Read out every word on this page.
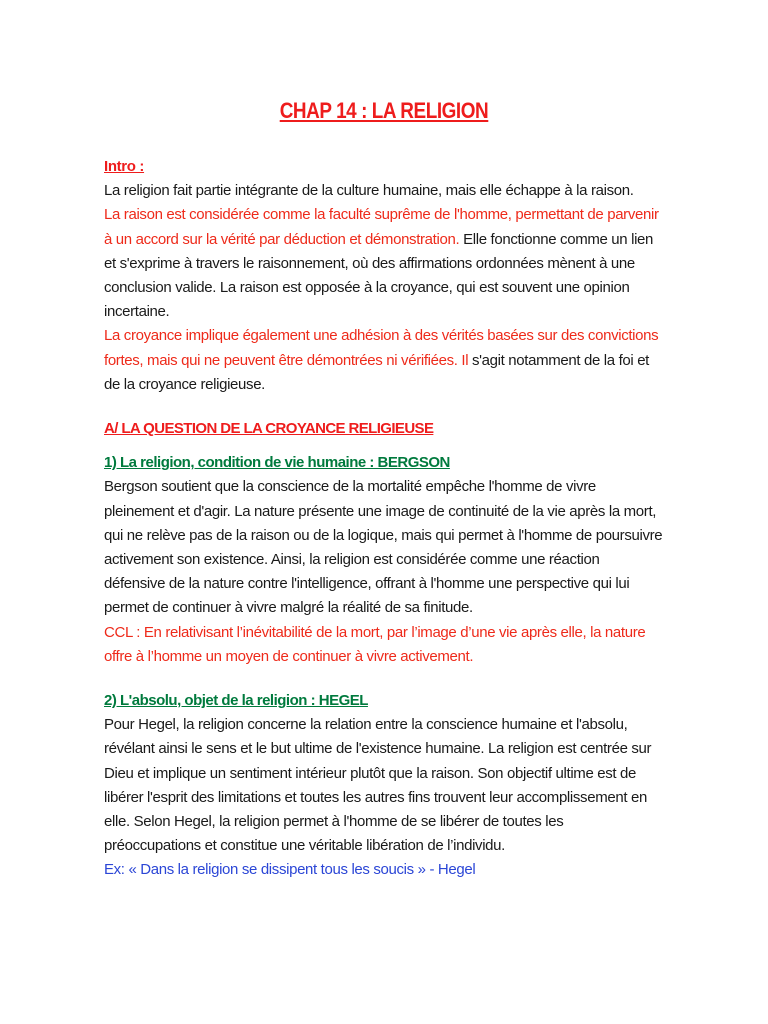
CHAP 14 : LA RELIGION

Intro :

La religion fait partie intégrante de la culture humaine, mais elle échappe à la raison.

La raison est considérée comme la faculté suprême de l'homme, permettant de parvenir à un accord sur la vérité par déduction et démonstration. Elle fonctionne comme un lien et s'exprime à travers le raisonnement, où des affirmations ordonnées mènent à une conclusion valide. La raison est opposée à la croyance, qui est souvent une opinion incertaine.

La croyance implique également une adhésion à des vérités basées sur des convictions fortes, mais qui ne peuvent être démontrées ni vérifiées. Il s'agit notamment de la foi et de la croyance religieuse.

A/ LA QUESTION DE LA CROYANCE RELIGIEUSE

1) La religion, condition de vie humaine : BERGSON

Bergson soutient que la conscience de la mortalité empêche l'homme de vivre pleinement et d'agir. La nature présente une image de continuité de la vie après la mort, qui ne relève pas de la raison ou de la logique, mais qui permet à l'homme de poursuivre activement son existence. Ainsi, la religion est considérée comme une réaction défensive de la nature contre l'intelligence, offrant à l'homme une perspective qui lui permet de continuer à vivre malgré la réalité de sa finitude.

CCL : En relativisant l’inévitabilité de la mort, par l’image d’une vie après elle, la nature offre à l’homme un moyen de continuer à vivre activement.

2) L'absolu, objet de la religion : HEGEL

Pour Hegel, la religion concerne la relation entre la conscience humaine et l'absolu, révélant ainsi le sens et le but ultime de l'existence humaine. La religion est centrée sur Dieu et implique un sentiment intérieur plutôt que la raison. Son objectif ultime est de libérer l'esprit des limitations et toutes les autres fins trouvent leur accomplissement en elle. Selon Hegel, la religion permet à l'homme de se libérer de toutes les préoccupations et constitue une véritable libération de l’individu.

Ex: « Dans la religion se dissipent tous les soucis » - Hegel
